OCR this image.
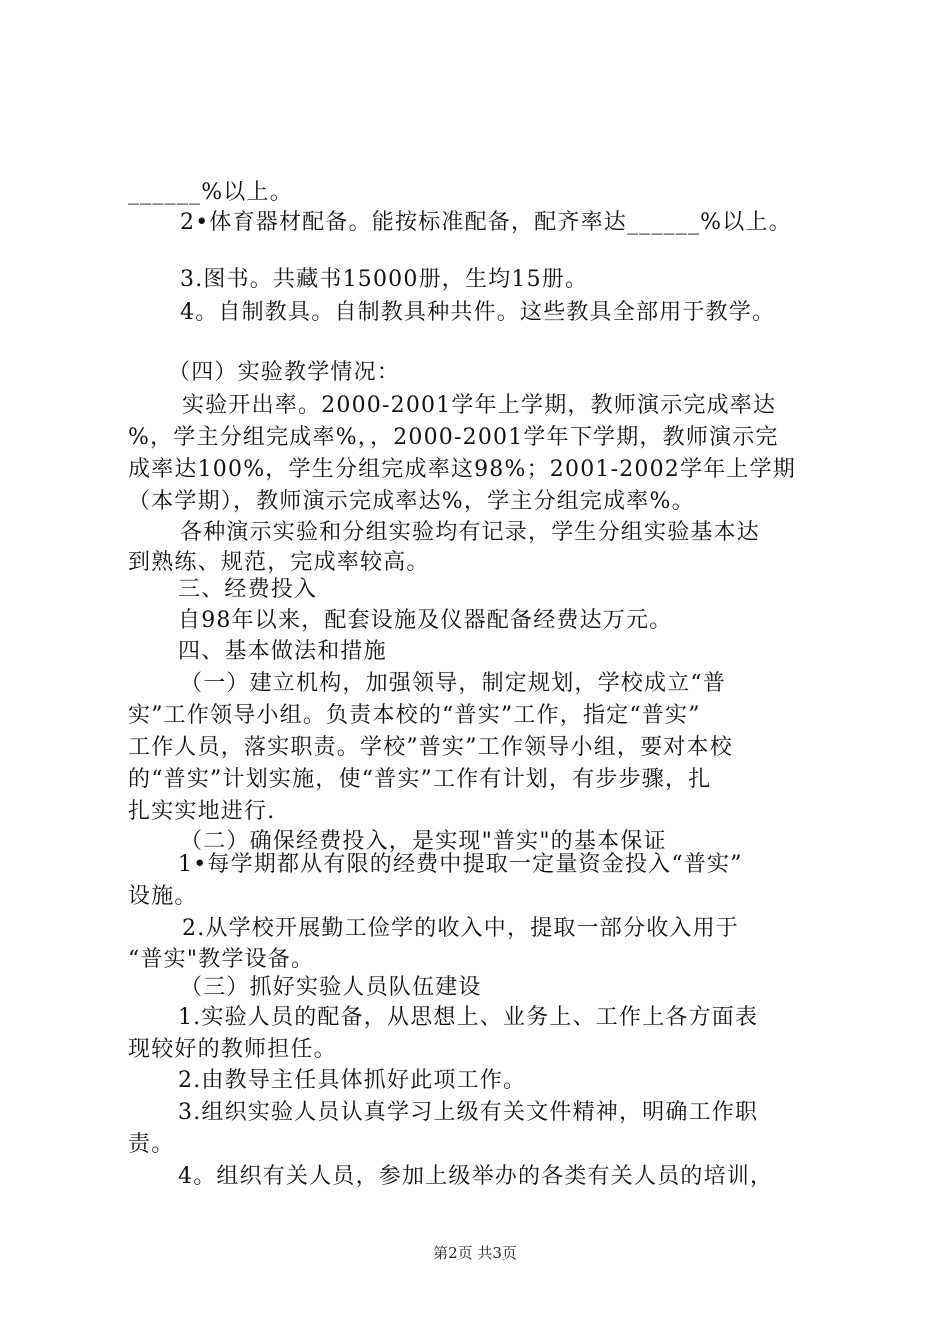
______%以上。
2•体育器材配备。能按标准配备，配齐率达______%以上。
3.图书。共藏书15000册，生均15册。
4。自制教具。自制教具种共件。这些教具全部用于教学。
（四）实验教学情况：
实验开出率。2000-2001学年上学期，教师演示完成率达
%，学主分组完成率%，，2000-2001学年下学期，教师演示完
成率达100%，学生分组完成率这98%；2001-2002学年上学期
（本学期），教师演示完成率达%，学主分组完成率%。
各种演示实验和分组实验均有记录，学生分组实验基本达
到熟练、规范，完成率较高。
三、经费投入
自98年以来，配套设施及仪器配备经费达万元。
四、基本做法和措施
（一）建立机构，加强领导，制定规划，学校成立“普
实”工作领导小组。负责本校的“普实”工作，指定“普实”
工作人员，落实职责。学校”普实”工作领导小组，要对本校
的“普实”计划实施，使“普实”工作有计划，有步步骤，扎
扎实实地进行.
（二）确保经费投入，是实现"普实"的基本保证
1•每学期都从有限的经费中提取一定量资金投入“普实”
设施。
2.从学校开展勤工俭学的收入中，提取一部分收入用于
“普实"教学设备。
（三）抓好实验人员队伍建设
1.实验人员的配备，从思想上、业务上、工作上各方面表
现较好的教师担任。
2.由教导主任具体抓好此项工作。
3.组织实验人员认真学习上级有关文件精神，明确工作职
责。
4。组织有关人员，参加上级举办的各类有关人员的培训，
第2页 共3页
